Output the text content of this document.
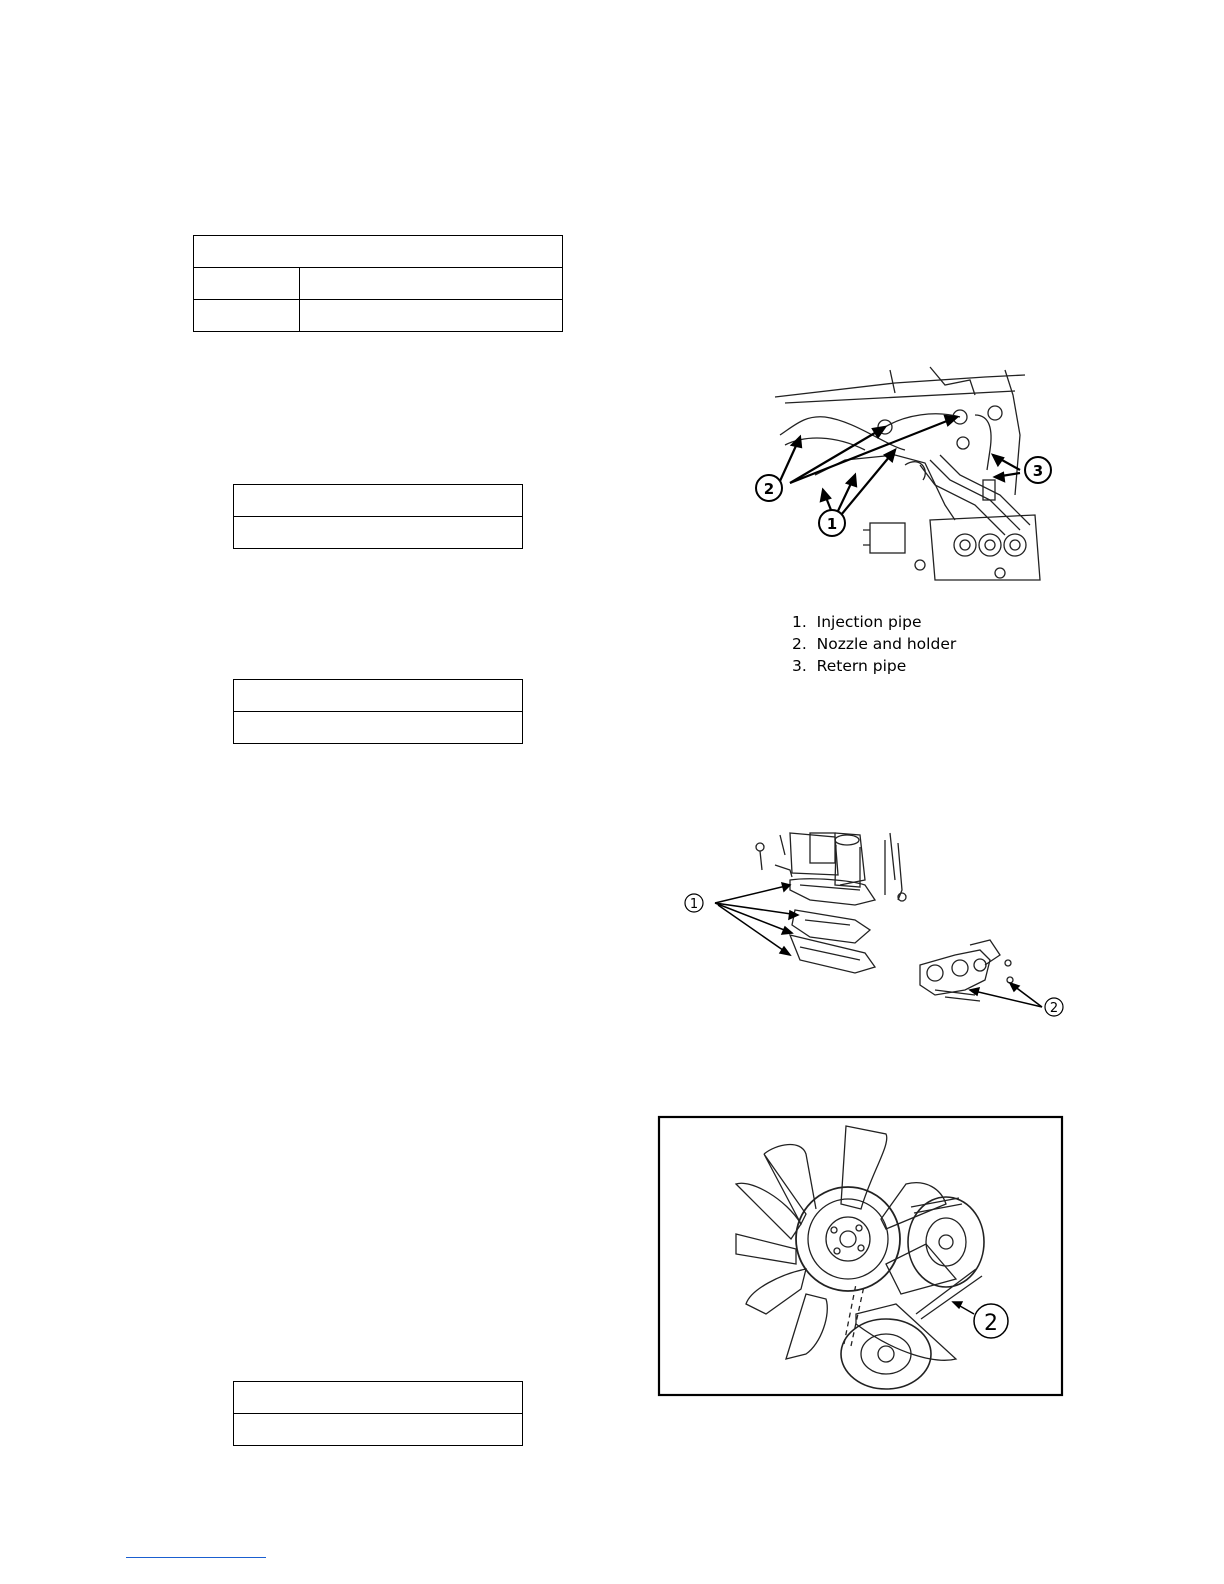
2
1
3
1. Injection pipe
2. Nozzle and holder
3. Retern pipe
1
2
2
